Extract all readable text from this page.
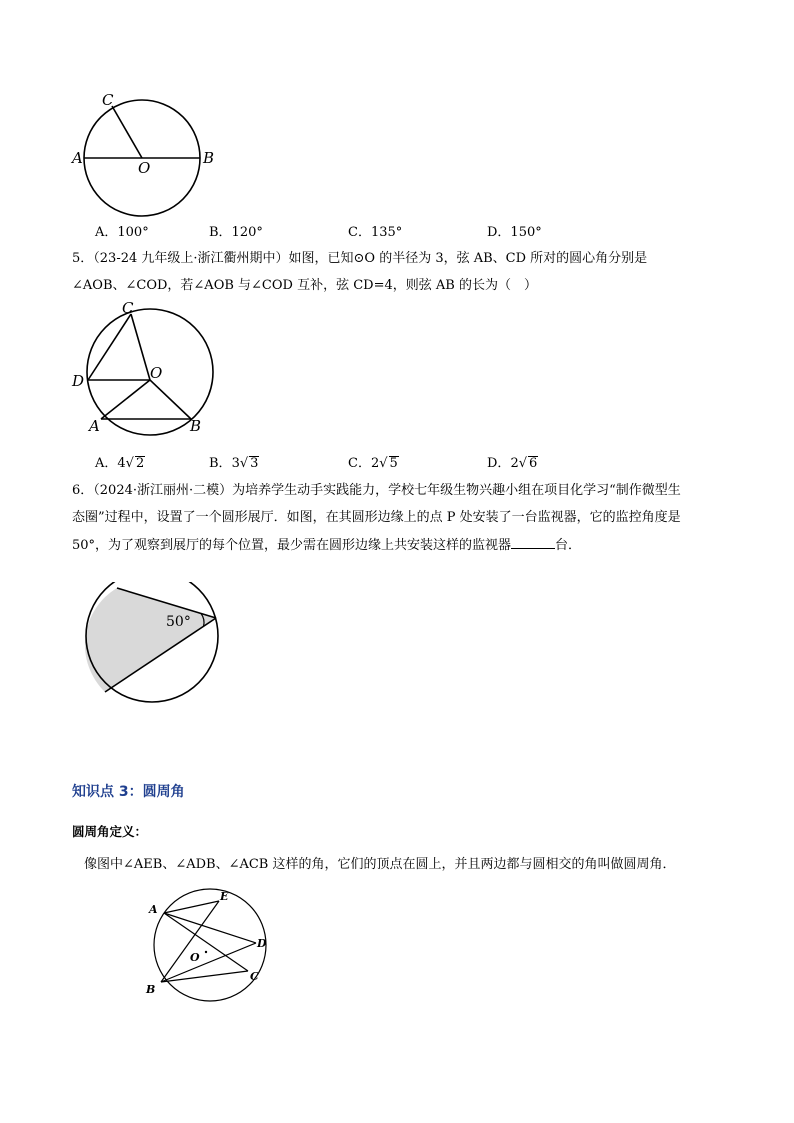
C
A	B
O
A．100°	B．120°	C．135°	D．150°
5．（23-24 九年级上·浙江衢州期中）如图，已知⊙O 的半径为 3，弦 AB、CD 所对的圆心角分别是
∠AOB、∠COD，若∠AOB 与∠COD 互补，弦 CD=4，则弦 AB 的长为（　）
C
D	O
A	B
A．4√ 2	B．3√ 3	C．2√ 5	D．2√ 6
6．（2024·浙江丽州·二模）为培养学生动手实践能力，学校七年级生物兴趣小组在项目化学习“制作微型生
态圈”过程中，设置了一个圆形展厅．如图，在其圆形边缘上的点 P 处安装了一台监视器，它的监控角度是
50°，为了观察到展厅的每个位置，最少需在圆形边缘上共安装这样的监视器	台．
50°
知识点 3：圆周角
圆周角定义：
像图中∠AEB、∠ADB、∠ACB 这样的角，它们的顶点在圆上，并且两边都与圆相交的角叫做圆周角．
A
E
D
C
B
O
